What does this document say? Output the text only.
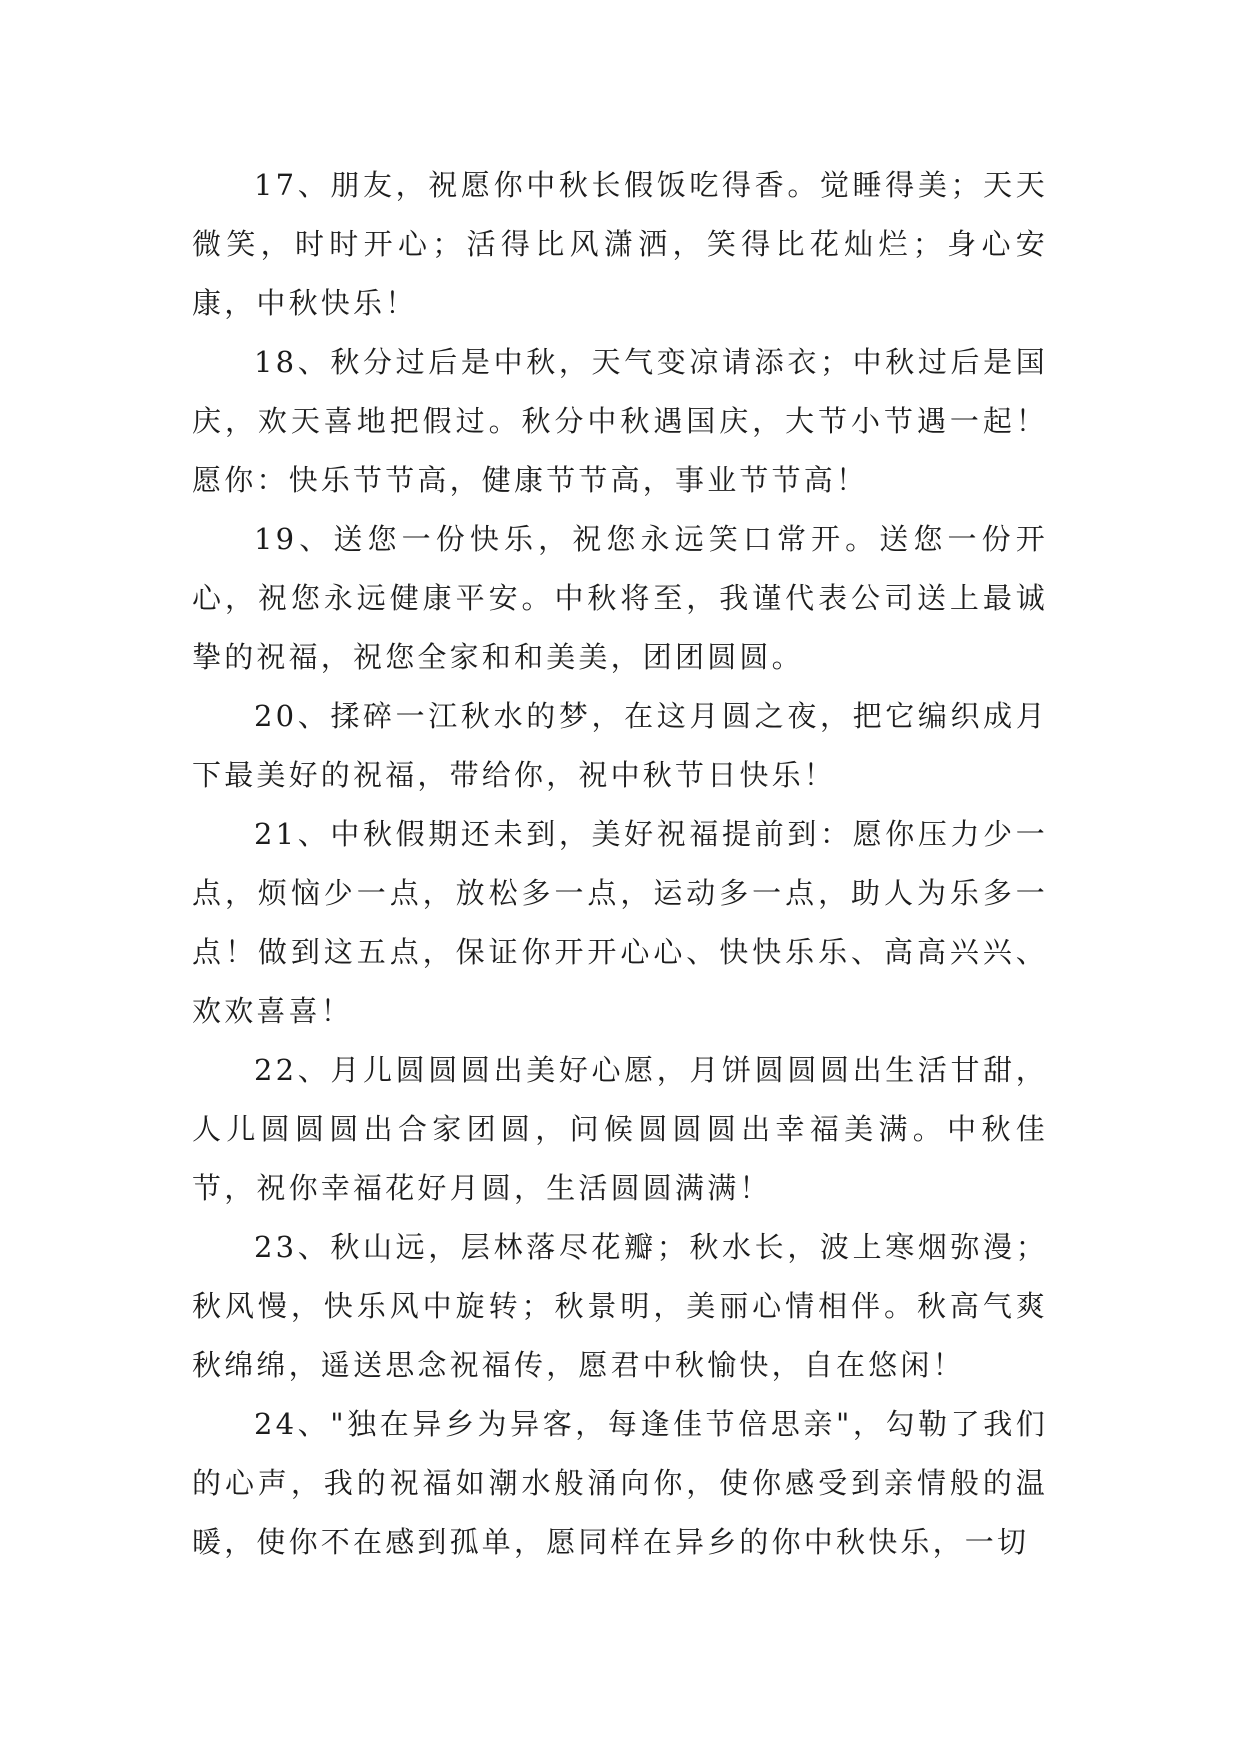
17、朋友，祝愿你中秋长假饭吃得香。觉睡得美；天天微笑，时时开心；活得比风潇洒，笑得比花灿烂；身心安康，中秋快乐！

18、秋分过后是中秋，天气变凉请添衣；中秋过后是国庆，欢天喜地把假过。秋分中秋遇国庆，大节小节遇一起！愿你：快乐节节高，健康节节高，事业节节高！

19、送您一份快乐，祝您永远笑口常开。送您一份开心，祝您永远健康平安。中秋将至，我谨代表公司送上最诚挚的祝福，祝您全家和和美美，团团圆圆。

20、揉碎一江秋水的梦，在这月圆之夜，把它编织成月下最美好的祝福，带给你，祝中秋节日快乐！

21、中秋假期还未到，美好祝福提前到：愿你压力少一点，烦恼少一点，放松多一点，运动多一点，助人为乐多一点！做到这五点，保证你开开心心、快快乐乐、高高兴兴、欢欢喜喜！

22、月儿圆圆圆出美好心愿，月饼圆圆圆出生活甘甜，人儿圆圆圆出合家团圆，问候圆圆圆出幸福美满。中秋佳节，祝你幸福花好月圆，生活圆圆满满！

23、秋山远，层林落尽花瓣；秋水长，波上寒烟弥漫；秋风慢，快乐风中旋转；秋景明，美丽心情相伴。秋高气爽秋绵绵，遥送思念祝福传，愿君中秋愉快，自在悠闲！

24、"独在异乡为异客，每逢佳节倍思亲"，勾勒了我们的心声，我的祝福如潮水般涌向你，使你感受到亲情般的温暖，使你不在感到孤单，愿同样在异乡的你中秋快乐，一切
